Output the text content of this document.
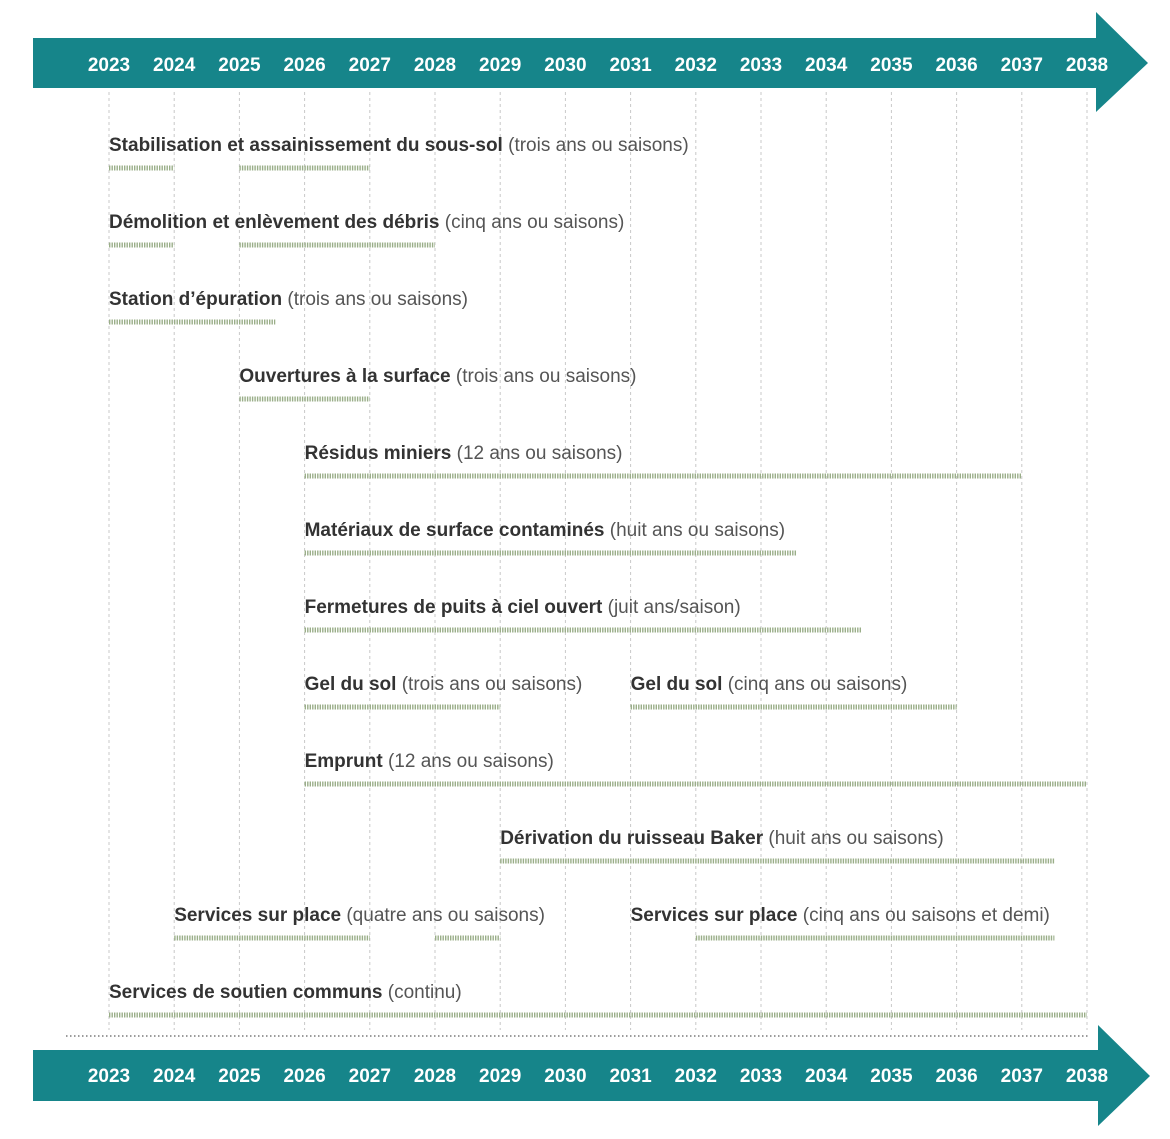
2023 2024 2025 2026 2027 2028 2029 2030 2031 2032 2033 2034 2035 2036 2037 2038
Stabilisation et assainissement du sous-sol (trois ans ou saisons)
Démolition et enlèvement des débris (cinq ans ou saisons)
Station d’épuration (trois ans ou saisons)
Ouvertures à la surface (trois ans ou saisons)
Résidus miniers (12 ans ou saisons)
Matériaux de surface contaminés (huit ans ou saisons)
Fermetures de puits à ciel ouvert (juit ans/saison)
Gel du sol (trois ans ou saisons)	Gel du sol (cinq ans ou saisons)
Emprunt (12 ans ou saisons)
Dérivation du ruisseau Baker (huit ans ou saisons)
Services sur place (quatre ans ou saisons)	Services sur place (cinq ans ou saisons et demi)
Services de soutien communs (continu)
2023 2024 2025 2026 2027 2028 2029 2030 2031 2032 2033 2034 2035 2036 2037 2038
